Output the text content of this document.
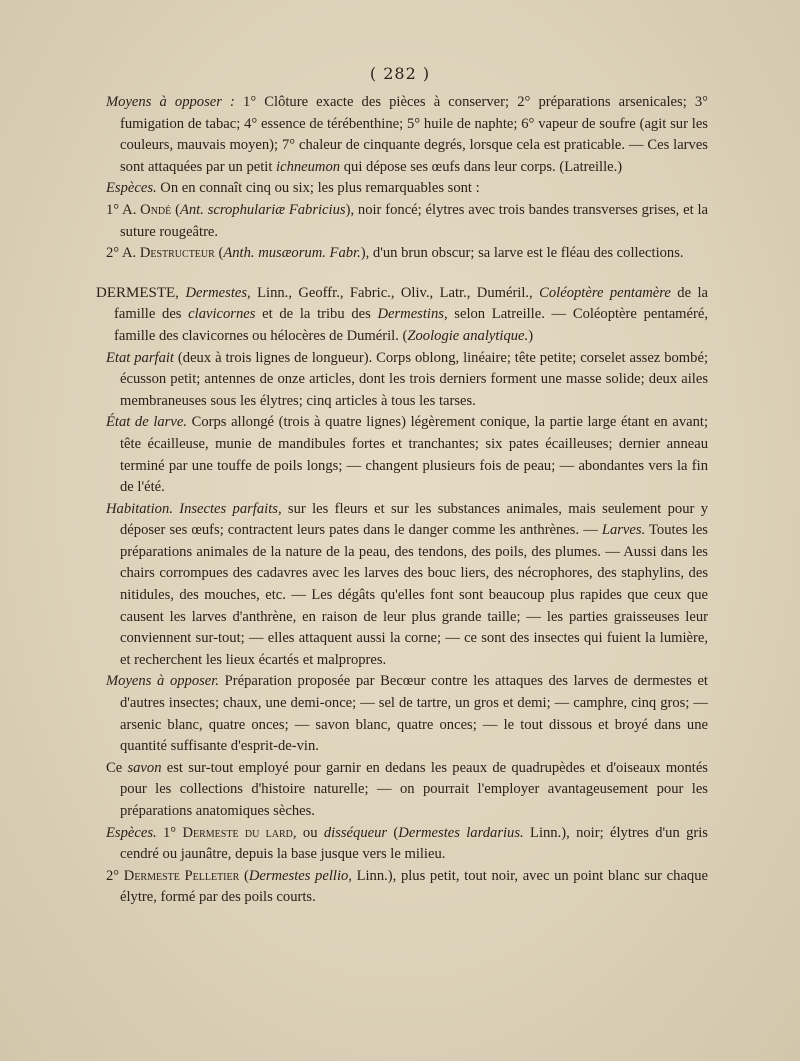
( 282 )
Moyens à opposer : 1° Clôture exacte des pièces à conserver; 2° préparations arsenicales; 3° fumigation de tabac; 4° essence de térébenthine; 5° huile de naphte; 6° vapeur de soufre (agit sur les couleurs, mauvais moyen); 7° chaleur de cinquante degrés, lorsque cela est praticable. — Ces larves sont attaquées par un petit ichneumon qui dépose ses œufs dans leur corps. (Latreille.)
Espèces. On en connaît cinq ou six; les plus remarquables sont :
1° A. Ondé (Ant. scrophulariæ Fabricius), noir foncé; élytres avec trois bandes transverses grises, et la suture rougeâtre.
2° A. Destructeur (Anth. musæorum. Fabr.), d'un brun obscur; sa larve est le fléau des collections.
DERMESTE, Dermestes, Linn., Geoffr., Fabric., Oliv., Latr., Duméril., Coléoptère pentamère de la famille des clavicornes et de la tribu des Dermestins, selon Latreille. — Coléoptère pentaméré, famille des clavicornes ou hélocères de Duméril. (Zoologie analytique.)
Etat parfait (deux à trois lignes de longueur). Corps oblong, linéaire; tête petite; corselet assez bombé; écusson petit; antennes de onze articles, dont les trois derniers forment une masse solide; deux ailes membraneuses sous les élytres; cinq articles à tous les tarses.
État de larve. Corps allongé (trois à quatre lignes) légèrement conique, la partie large étant en avant; tête écailleuse, munie de mandibules fortes et tranchantes; six pates écailleuses; dernier anneau terminé par une touffe de poils longs; — changent plusieurs fois de peau; — abondantes vers la fin de l'été.
Habitation. Insectes parfaits, sur les fleurs et sur les substances animales, mais seulement pour y déposer ses œufs; contractent leurs pates dans le danger comme les anthrènes. — Larves. Toutes les préparations animales de la nature de la peau, des tendons, des poils, des plumes. — Aussi dans les chairs corrompues des cadavres avec les larves des bouc liers, des nécrophores, des staphylins, des nitidules, des mouches, etc. — Les dégâts qu'elles font sont beaucoup plus rapides que ceux que causent les larves d'anthrène, en raison de leur plus grande taille; — les parties graisseuses leur conviennent sur-tout; — elles attaquent aussi la corne; — ce sont des insectes qui fuient la lumière, et recherchent les lieux écartés et malpropres.
Moyens à opposer. Préparation proposée par Becœur contre les attaques des larves de dermestes et d'autres insectes; chaux, une demi-once; — sel de tartre, un gros et demi; — camphre, cinq gros; — arsenic blanc, quatre onces; — savon blanc, quatre onces; — le tout dissous et broyé dans une quantité suffisante d'esprit-de-vin.
Ce savon est sur-tout employé pour garnir en dedans les peaux de quadrupèdes et d'oiseaux montés pour les collections d'histoire naturelle; — on pourrait l'employer avantageusement pour les préparations anatomiques sèches.
Espèces. 1° Dermeste du lard, ou disséqueur (Dermestes lardarius. Linn.), noir; élytres d'un gris cendré ou jaunâtre, depuis la base jusque vers le milieu.
2° Dermeste Pelletier (Dermestes pellio, Linn.), plus petit, tout noir, avec un point blanc sur chaque élytre, formé par des poils courts.
